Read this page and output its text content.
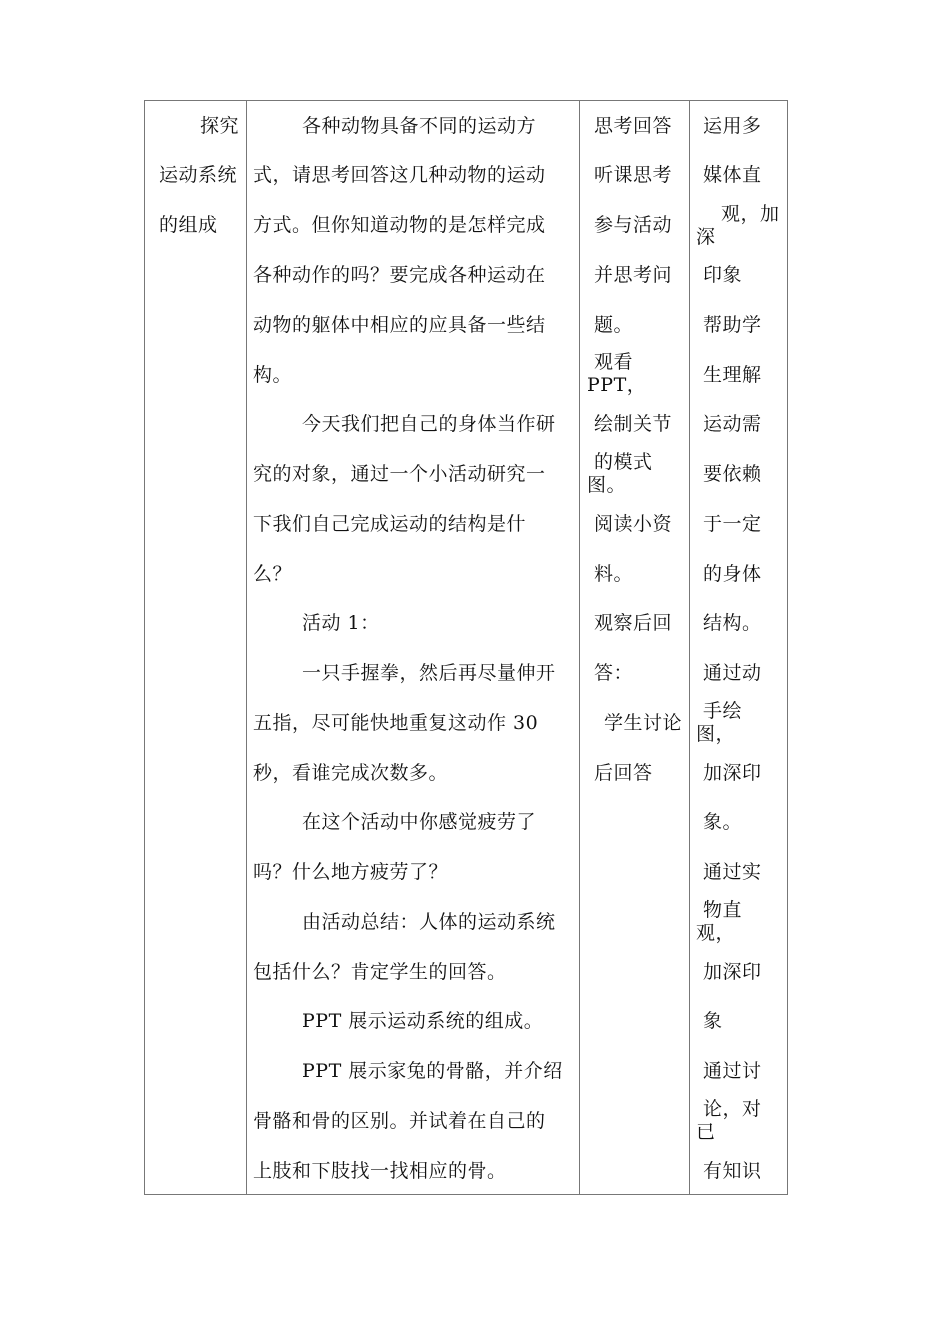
探究
运动系统
的组成
各种动物具备不同的运动方
式，请思考回答这几种动物的运动
方式。但你知道动物的是怎样完成
各种动作的吗？要完成各种运动在
动物的躯体中相应的应具备一些结
构。
今天我们把自己的身体当作研
究的对象，通过一个小活动研究一
下我们自己完成运动的结构是什
么？
活动 1：
一只手握拳，然后再尽量伸开
五指，尽可能快地重复这动作 30
秒，看谁完成次数多。
在这个活动中你感觉疲劳了
吗？什么地方疲劳了？
由活动总结：人体的运动系统
包括什么？肯定学生的回答。
PPT 展示运动系统的组成。
PPT 展示家兔的骨骼，并介绍
骨骼和骨的区别。并试着在自己的
上肢和下肢找一找相应的骨。
思考回答
听课思考
参与活动
并思考问
题。
观看
PPT，
绘制关节
的模式
图。
阅读小资
料。
观察后回
答：
学生讨论
后回答
运用多
媒体直
观，加
深
印象
帮助学
生理解
运动需
要依赖
于一定
的身体
结构。
通过动
手绘
图，
加深印
象。
通过实
物直
观，
加深印
象
通过讨
论，对
已
有知识
